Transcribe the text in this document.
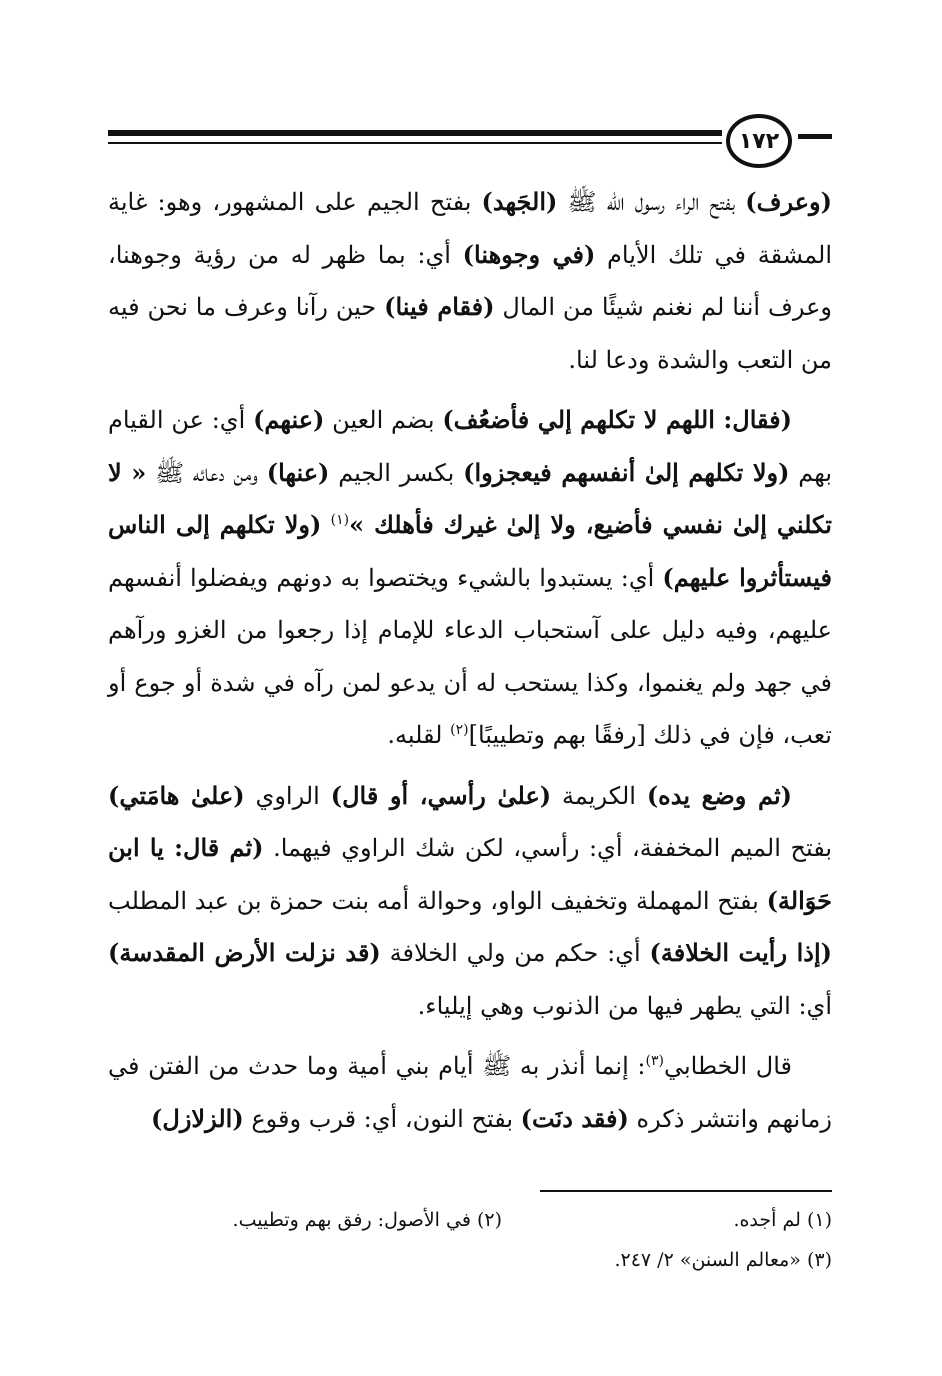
١٧٢

(وعرف) بفتح الراء رسول الله ﷺ (الجَهد) بفتح الجيم على المشهور، وهو: غاية المشقة في تلك الأيام (في وجوهنا) أي: بما ظهر له من رؤية وجوهنا، وعرف أننا لم نغنم شيئًا من المال (فقام فينا) حين رآنا وعرف ما نحن فيه من التعب والشدة ودعا لنا.

(فقال: اللهم لا تكلهم إلي فأضعُف) بضم العين (عنهم) أي: عن القيام بهم (ولا تكلهم إلىٰ أنفسهم فيعجزوا) بكسر الجيم (عنها) ومن دعائه ﷺ « لا تكلني إلىٰ نفسي فأضيع، ولا إلىٰ غيرك فأهلك »$^{(١)}$ (ولا تكلهم إلى الناس فيستأثروا عليهم) أي: يستبدوا بالشيء ويختصوا به دونهم ويفضلوا أنفسهم عليهم، وفيه دليل على آستحباب الدعاء للإمام إذا رجعوا من الغزو ورآهم في جهد ولم يغنموا، وكذا يستحب له أن يدعو لمن رآه في شدة أو جوع أو تعب، فإن في ذلك [رفقًا بهم وتطييبًا]$^{(٢)}$ لقلبه.

(ثم وضع يده) الكريمة (علىٰ رأسي، أو قال) الراوي (علىٰ هامَتي) بفتح الميم المخففة، أي: رأسي، لكن شك الراوي فيهما. (ثم قال: يا ابن حَوَالة) بفتح المهملة وتخفيف الواو، وحوالة أمه بنت حمزة بن عبد المطلب (إذا رأيت الخلافة) أي: حكم من ولي الخلافة (قد نزلت الأرض المقدسة) أي: التي يطهر فيها من الذنوب وهي إيلياء.

قال الخطابي$^{(٣)}$: إنما أنذر به ﷺ أيام بني أمية وما حدث من الفتن في زمانهم وانتشر ذكره (فقد دنَت) بفتح النون، أي: قرب وقوع (الزلازل)

(١) لم أجده.
(٢) في الأصول: رفق بهم وتطييب.
(٣) «معالم السنن» ٢/ ٢٤٧.
